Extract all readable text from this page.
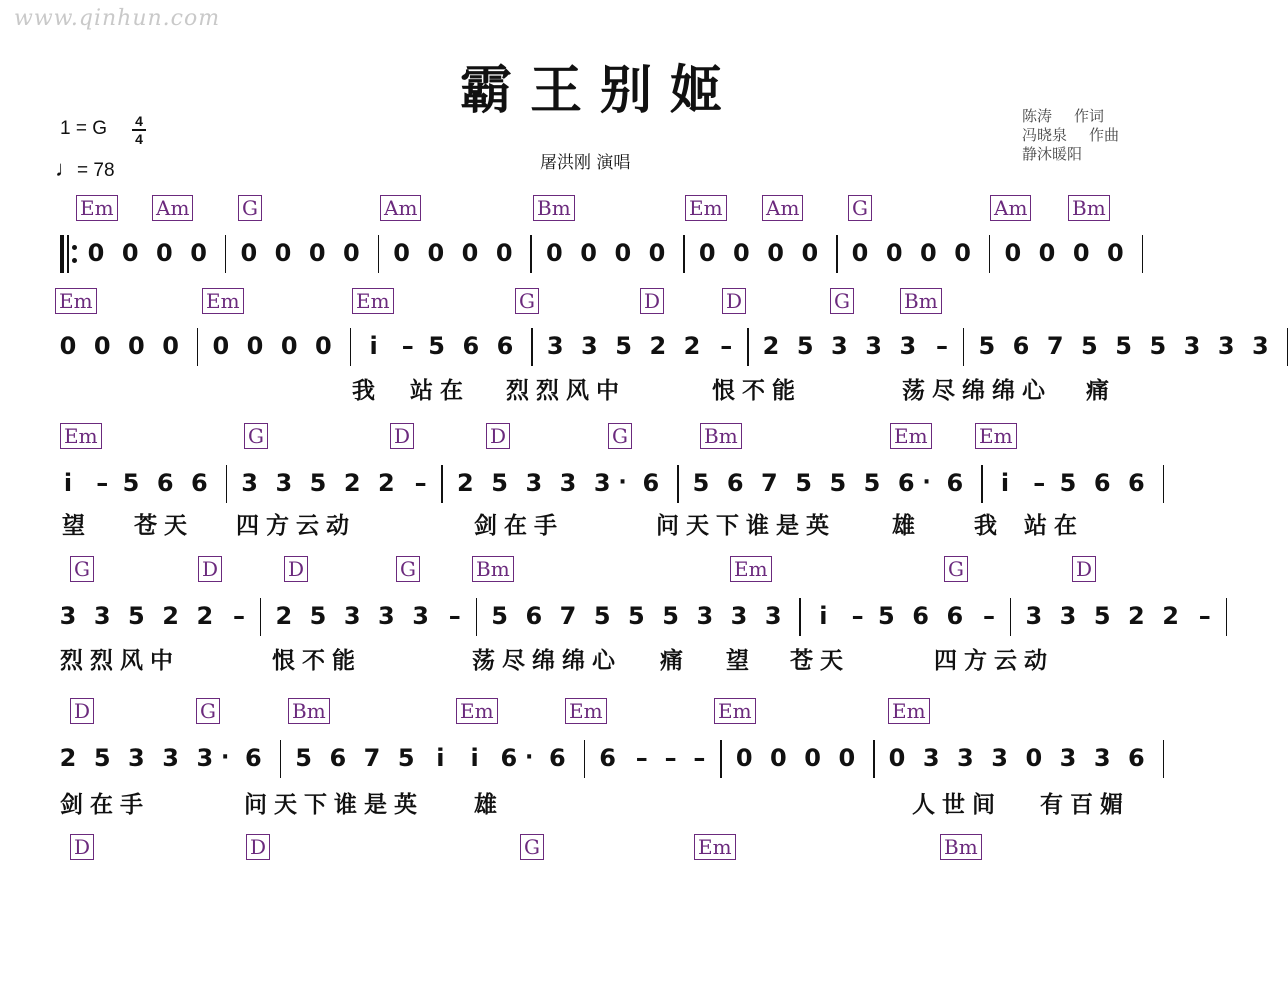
www.qinhun.com
霸王别姬
1 = G 4
4
♩= 78	屠洪刚 演唱
陈涛 作词
冯晓泉 作曲
静沐暖阳
Em Am	G	Am	Bm	Em Am	G	Am Bm
0 0 0 0 0 0 0 0 0 0 0 0 0 0 0 0 0 0 0 0 0 0 0 0 0 0 0 0
Em	Em	Em	G	D	D	G	Bm
0 0 0 0 0 0 0 0 i – 5 6 6 3 3 5 2 2 – 2 5 3 3 3 – 5 6 7 5 5 5 3 3 3
我 站在 烈烈风中	恨不能	荡尽绵绵心 痛
Em	G	D	D	G	Bm	Em	Em
i – 5 6 6 3 3 5 2 2 – 2 5 3 3 3 · 6 5 6 7 5 5 5 6 · 6 i – 5 6 6
望 苍天 四方云动	剑在手	问天下谁是英 雄 我 站在
G	D	D	G	Bm	Em	G	D
3 3 5 2 2 – 2 5 3 3 3 – 5 6 7 5 5 5 3 3 3 i – 5 6 6 – 3 3 5 2 2 –
烈烈风中	恨不能	荡尽绵绵心 痛 望 苍天	四方云动
D	G	Bm	Em	Em	Em	Em
2 5 3 3 3 · 6 5 6 7 5 i i 6 · 6 6 – – – 0 0 0 0 0 3 3 3 0 3 3 6
剑在手	问天下谁是英 雄	人世间 有百媚
D	D	G	Em	Bm
